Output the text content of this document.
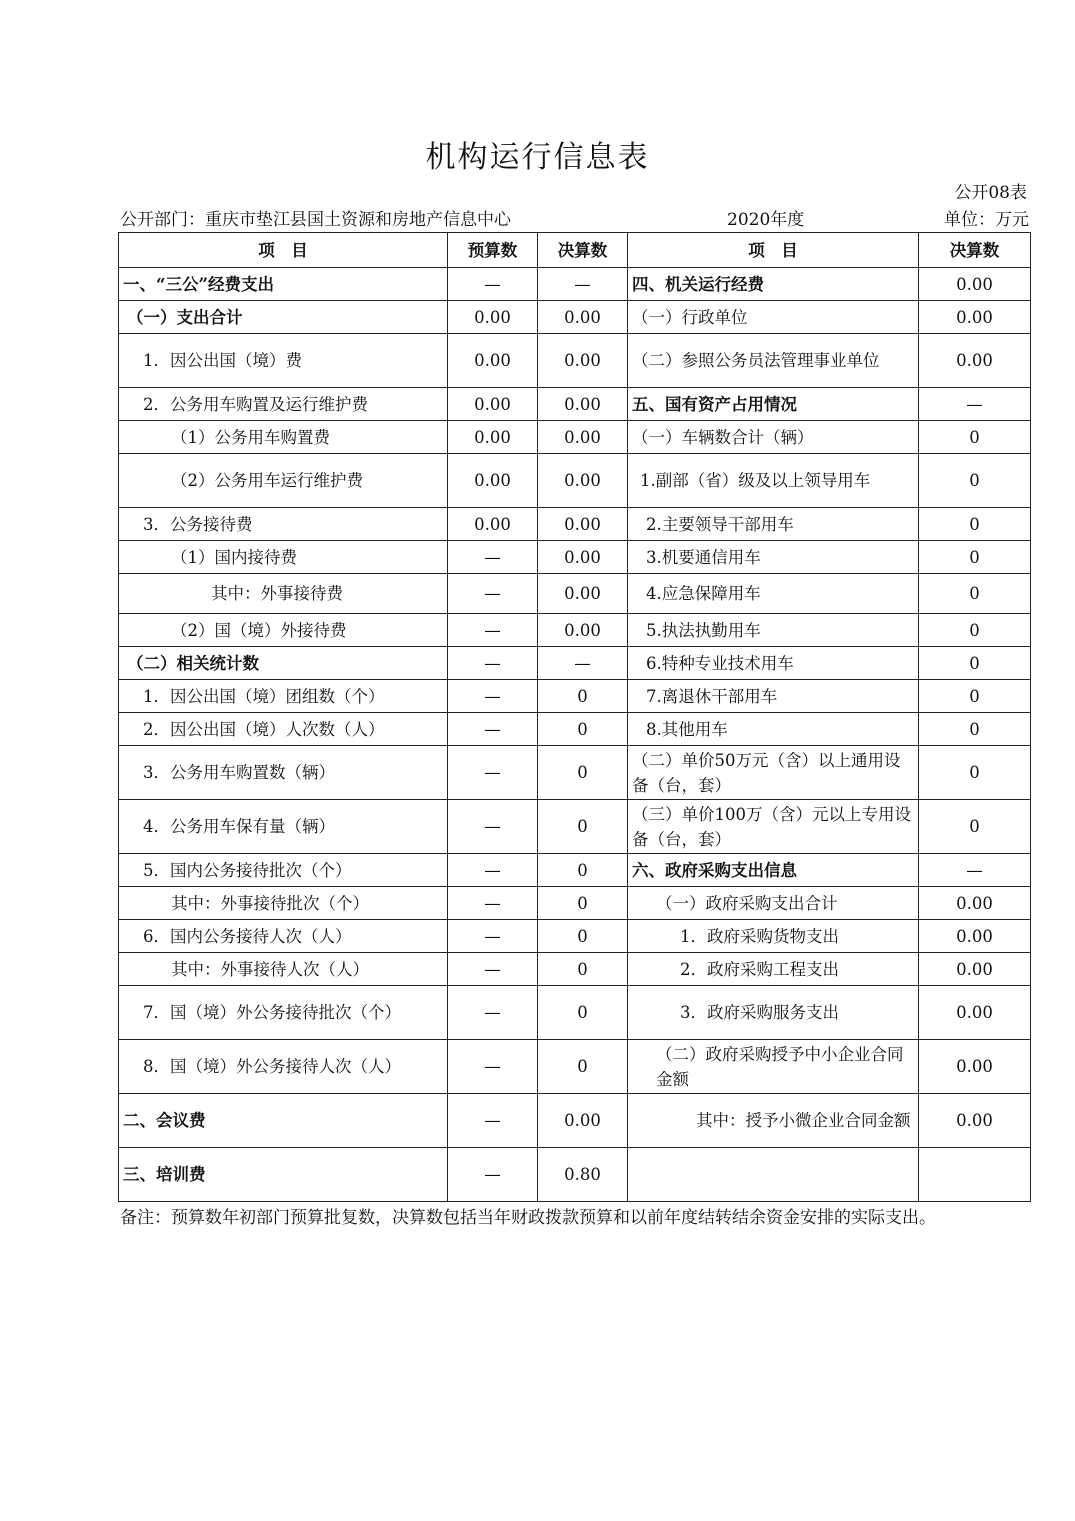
机构运行信息表
公开08表
公开部门：重庆市垫江县国土资源和房地产信息中心	2020年度	单位：万元
项　目	预算数	决算数	项　目	决算数
一、“三公”经费支出	—	—	四、机关运行经费	0.00
（一）支出合计	0.00	0.00	（一）行政单位	0.00
1．因公出国（境）费	0.00	0.00	（二）参照公务员法管理事业单位	0.00
2．公务用车购置及运行维护费	0.00	0.00	五、国有资产占用情况	—
（1）公务用车购置费	0.00	0.00	（一）车辆数合计（辆）	0
（2）公务用车运行维护费	0.00	0.00	1.副部（省）级及以上领导用车	0
3．公务接待费	0.00	0.00	2.主要领导干部用车	0
（1）国内接待费	—	0.00	3.机要通信用车	0
其中：外事接待费	—	0.00	4.应急保障用车	0
（2）国（境）外接待费	—	0.00	5.执法执勤用车	0
（二）相关统计数	—	—	6.特种专业技术用车	0
1．因公出国（境）团组数（个）	—	0	7.离退休干部用车	0
2．因公出国（境）人次数（人）	—	0	8.其他用车	0
3．公务用车购置数（辆）	—	0	（二）单价50万元（含）以上通用设备（台，套）	0
4．公务用车保有量（辆）	—	0	（三）单价100万（含）元以上专用设备（台，套）	0
5．国内公务接待批次（个）	—	0	六、政府采购支出信息	—
其中：外事接待批次（个）	—	0	（一）政府采购支出合计	0.00
6．国内公务接待人次（人）	—	0	1．政府采购货物支出	0.00
其中：外事接待人次（人）	—	0	2．政府采购工程支出	0.00
7．国（境）外公务接待批次（个）	—	0	3．政府采购服务支出	0.00
8．国（境）外公务接待人次（人）	—	0	（二）政府采购授予中小企业合同金额	0.00
二、会议费	—	0.00	其中：授予小微企业合同金额	0.00
三、培训费	—	0.80		
备注：预算数年初部门预算批复数，决算数包括当年财政拨款预算和以前年度结转结余资金安排的实际支出。
